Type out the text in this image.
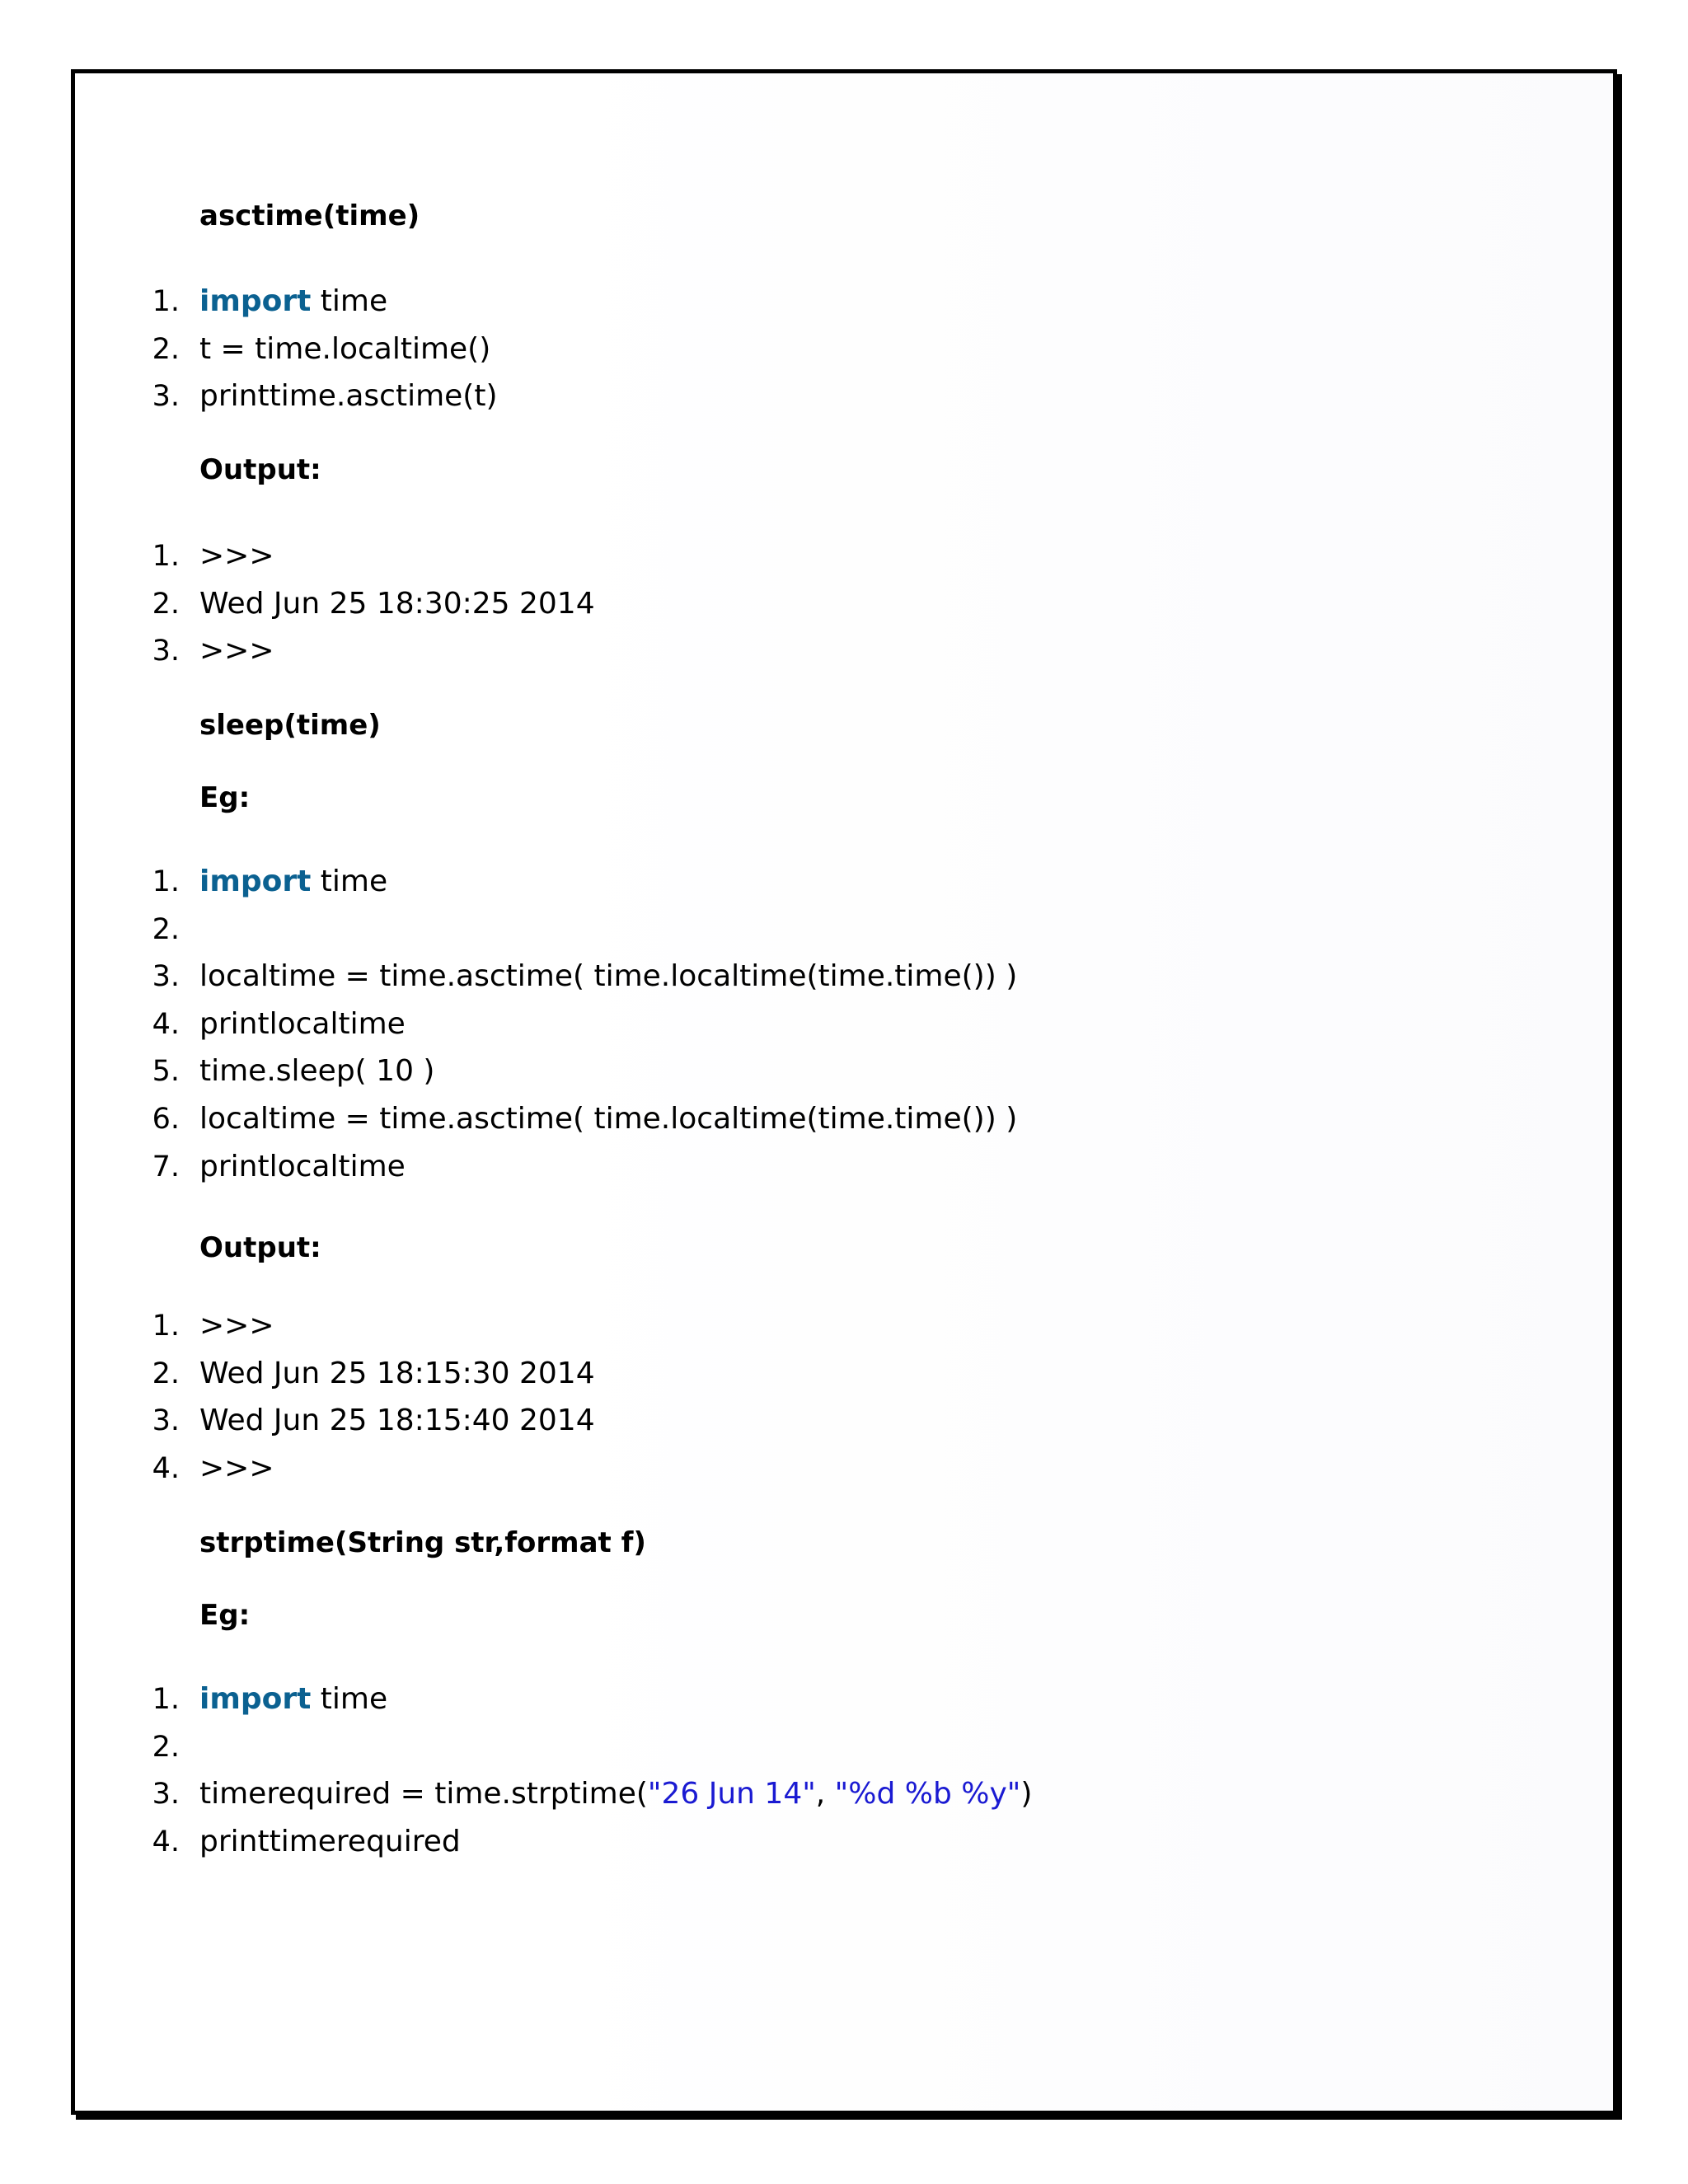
asctime(time)
1. import time
2. t = time.localtime()
3. printtime.asctime(t)
Output:
1. >>>
2. Wed Jun 25 18:30:25 2014
3. >>>
sleep(time)
Eg:
1. import time
2.
3. localtime = time.asctime( time.localtime(time.time()) )
4. printlocaltime
5. time.sleep( 10 )
6. localtime = time.asctime( time.localtime(time.time()) )
7. printlocaltime
Output:
1. >>>
2. Wed Jun 25 18:15:30 2014
3. Wed Jun 25 18:15:40 2014
4. >>>
strptime(String str,format f)
Eg:
1. import time
2.
3. timerequired = time.strptime("26 Jun 14", "%d %b %y")
4. printtimerequired
